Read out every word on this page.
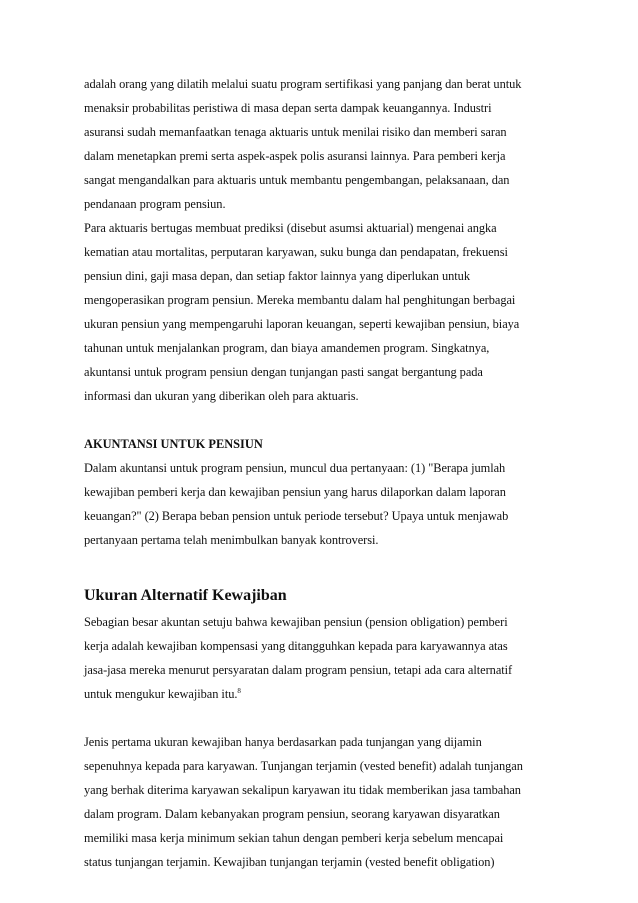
adalah orang yang dilatih melalui suatu program sertifikasi yang panjang dan berat untuk
menaksir probabilitas peristiwa di masa depan serta dampak keuangannya. Industri
asuransi sudah memanfaatkan tenaga aktuaris untuk menilai risiko dan memberi saran
dalam menetapkan premi serta aspek-aspek polis asuransi lainnya. Para pemberi kerja
sangat mengandalkan para aktuaris untuk membantu pengembangan, pelaksanaan, dan
pendanaan program pensiun.
Para aktuaris bertugas membuat prediksi (disebut asumsi aktuarial) mengenai angka
kematian atau mortalitas, perputaran karyawan, suku bunga dan pendapatan, frekuensi
pensiun dini, gaji masa depan, dan setiap faktor lainnya yang diperlukan untuk
mengoperasikan program pensiun. Mereka membantu dalam hal penghitungan berbagai
ukuran pensiun yang mempengaruhi laporan keuangan, seperti kewajiban pensiun, biaya
tahunan untuk menjalankan program, dan biaya amandemen program. Singkatnya,
akuntansi untuk program pensiun dengan tunjangan pasti sangat bergantung pada
informasi dan ukuran yang diberikan oleh para aktuaris.
AKUNTANSI UNTUK PENSIUN
Dalam akuntansi untuk program pensiun, muncul dua pertanyaan: (1) "Berapa jumlah
kewajiban pemberi kerja dan kewajiban pensiun yang harus dilaporkan dalam laporan
keuangan?" (2) Berapa beban pension untuk periode tersebut? Upaya untuk menjawab
pertanyaan pertama telah menimbulkan banyak kontroversi.
Ukuran Alternatif Kewajiban
Sebagian besar akuntan setuju bahwa kewajiban pensiun (pension obligation) pemberi
kerja adalah kewajiban kompensasi yang ditangguhkan kepada para karyawannya atas
jasa-jasa mereka menurut persyaratan dalam program pensiun, tetapi ada cara alternatif
untuk mengukur kewajiban itu.$^8$
Jenis pertama ukuran kewajiban hanya berdasarkan pada tunjangan yang dijamin
sepenuhnya kepada para karyawan. Tunjangan terjamin (vested benefit) adalah tunjangan
yang berhak diterima karyawan sekalipun karyawan itu tidak memberikan jasa tambahan
dalam program. Dalam kebanyakan program pensiun, seorang karyawan disyaratkan
memiliki masa kerja minimum sekian tahun dengan pemberi kerja sebelum mencapai
status tunjangan terjamin. Kewajiban tunjangan terjamin (vested benefit obligation)
